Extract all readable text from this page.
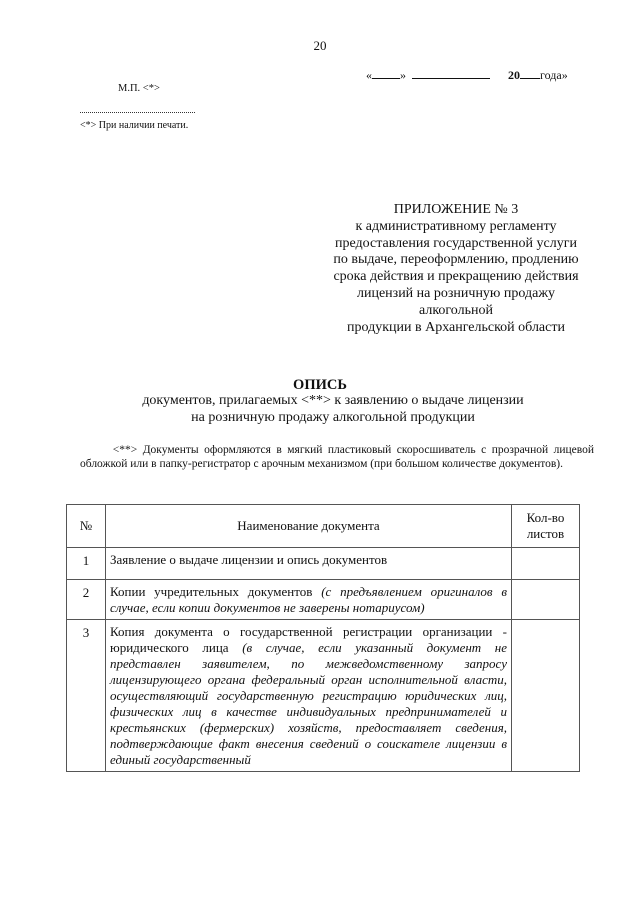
20
« »	20 года»
М.П. <*>
<*> При наличии печати.
ПРИЛОЖЕНИЕ № 3
к административному регламенту
предоставления государственной услуги
по выдаче, переоформлению, продлению
срока действия и прекращению действия
лицензий на розничную продажу
алкогольной
продукции в Архангельской области
ОПИСЬ
документов, прилагаемых <**> к заявлению о выдаче лицензии
на розничную продажу алкогольной продукции
<**> Документы оформляются в мягкий пластиковый скоросшиватель с прозрачной лицевой обложкой или в папку-регистратор с арочным механизмом (при большом количестве документов).
№	Наименование документа	Кол-во
листов

1	Заявление о выдаче лицензии и опись документов	
2	Копии учредительных документов (с предъявлением оригиналов в случае, если копии документов не заверены нотариусом)	
3	Копия документа о государственной регистрации организации - юридического лица (в случае, если указанный документ не представлен заявителем, по межведомственному запросу лицензирующего органа федеральный орган исполнительной власти, осуществляющий государственную регистрацию юридических лиц, физических лиц в качестве индивидуальных предпринимателей и крестьянских (фермерских) хозяйств, предоставляет сведения, подтверждающие факт внесения сведений о соискателе лицензии в единый государственный	
